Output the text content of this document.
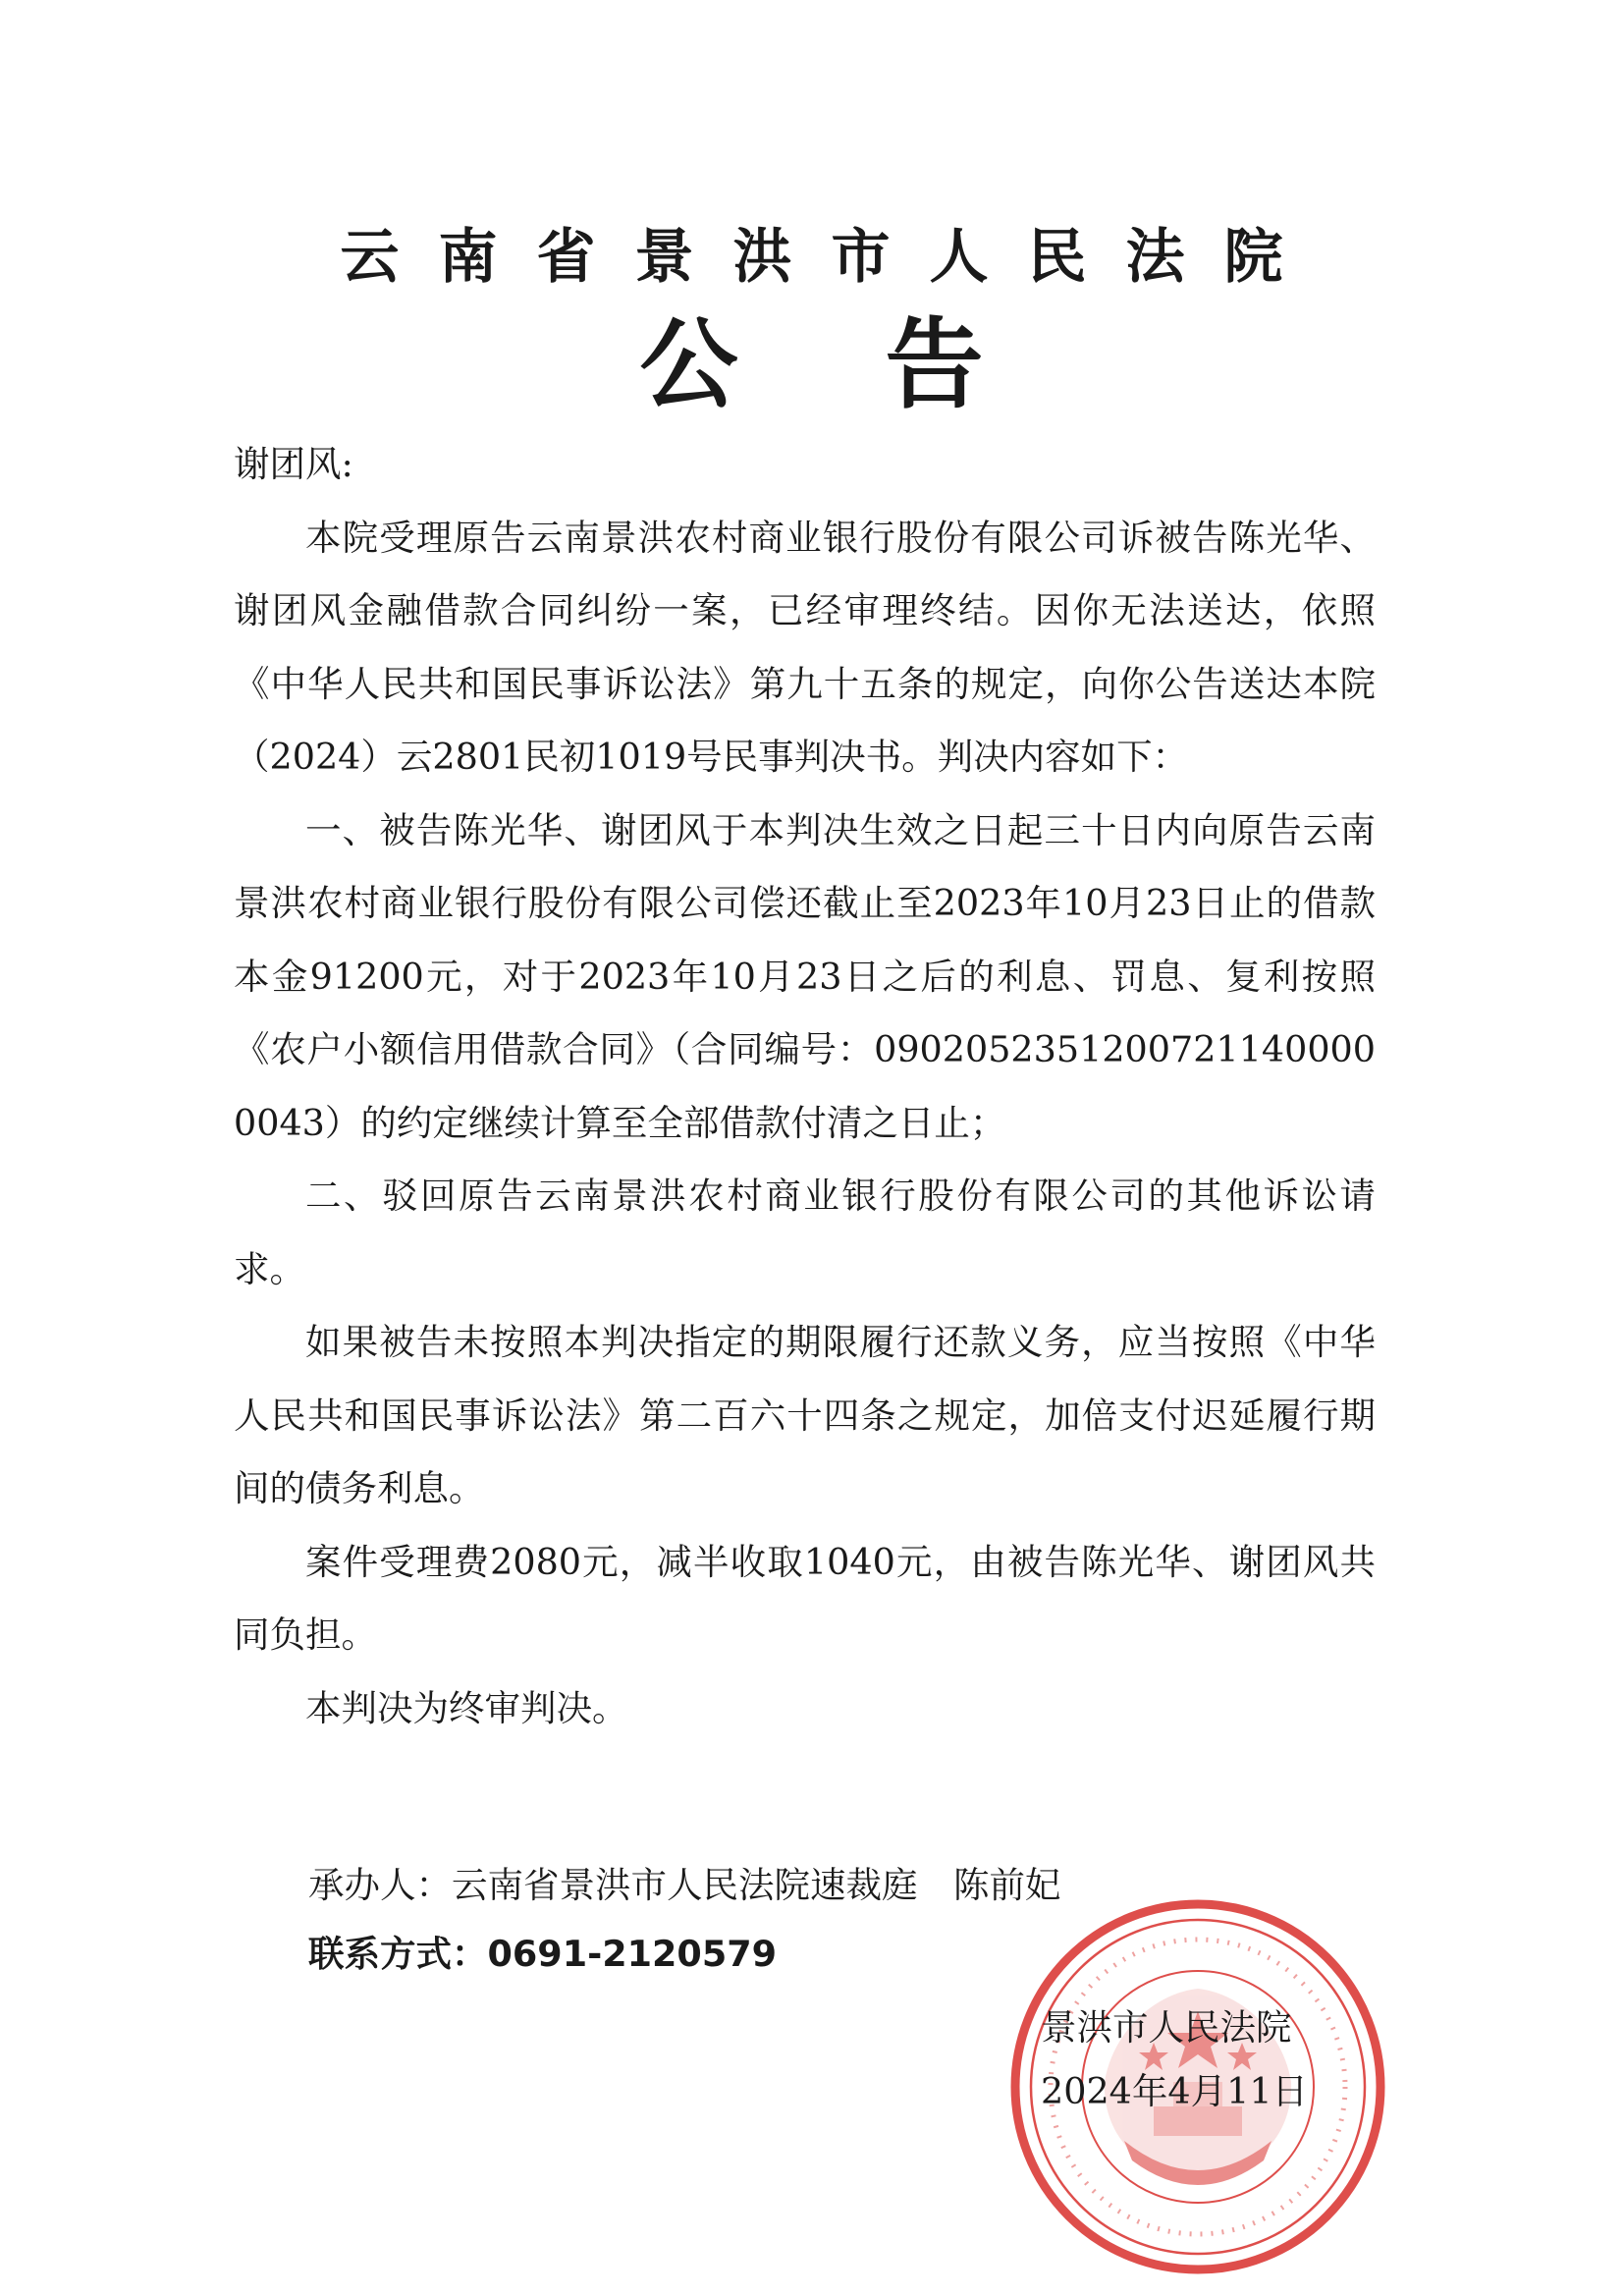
云南省景洪市人民法院
公告

谢团风:

本院受理原告云南景洪农村商业银行股份有限公司诉被告陈光华、谢团风金融借款合同纠纷一案，已经审理终结。因你无法送达，依照《中华人民共和国民事诉讼法》第九十五条的规定，向你公告送达本院（2024）云2801民初1019号民事判决书。判决内容如下：

一、被告陈光华、谢团风于本判决生效之日起三十日内向原告云南景洪农村商业银行股份有限公司偿还截止至2023年10月23日止的借款本金91200元，对于2023年10月23日之后的利息、罚息、复利按照《农户小额信用借款合同》（合同编号：09020523512007211400000043）的约定继续计算至全部借款付清之日止；

二、驳回原告云南景洪农村商业银行股份有限公司的其他诉讼请求。

如果被告未按照本判决指定的期限履行还款义务，应当按照《中华人民共和国民事诉讼法》第二百六十四条之规定，加倍支付迟延履行期间的债务利息。

案件受理费2080元，减半收取1040元，由被告陈光华、谢团风共同负担。

本判决为终审判决。

承办人：云南省景洪市人民法院速裁庭　陈前妃
联系方式：0691-2120579
景洪市人民法院
2024年4月11日
